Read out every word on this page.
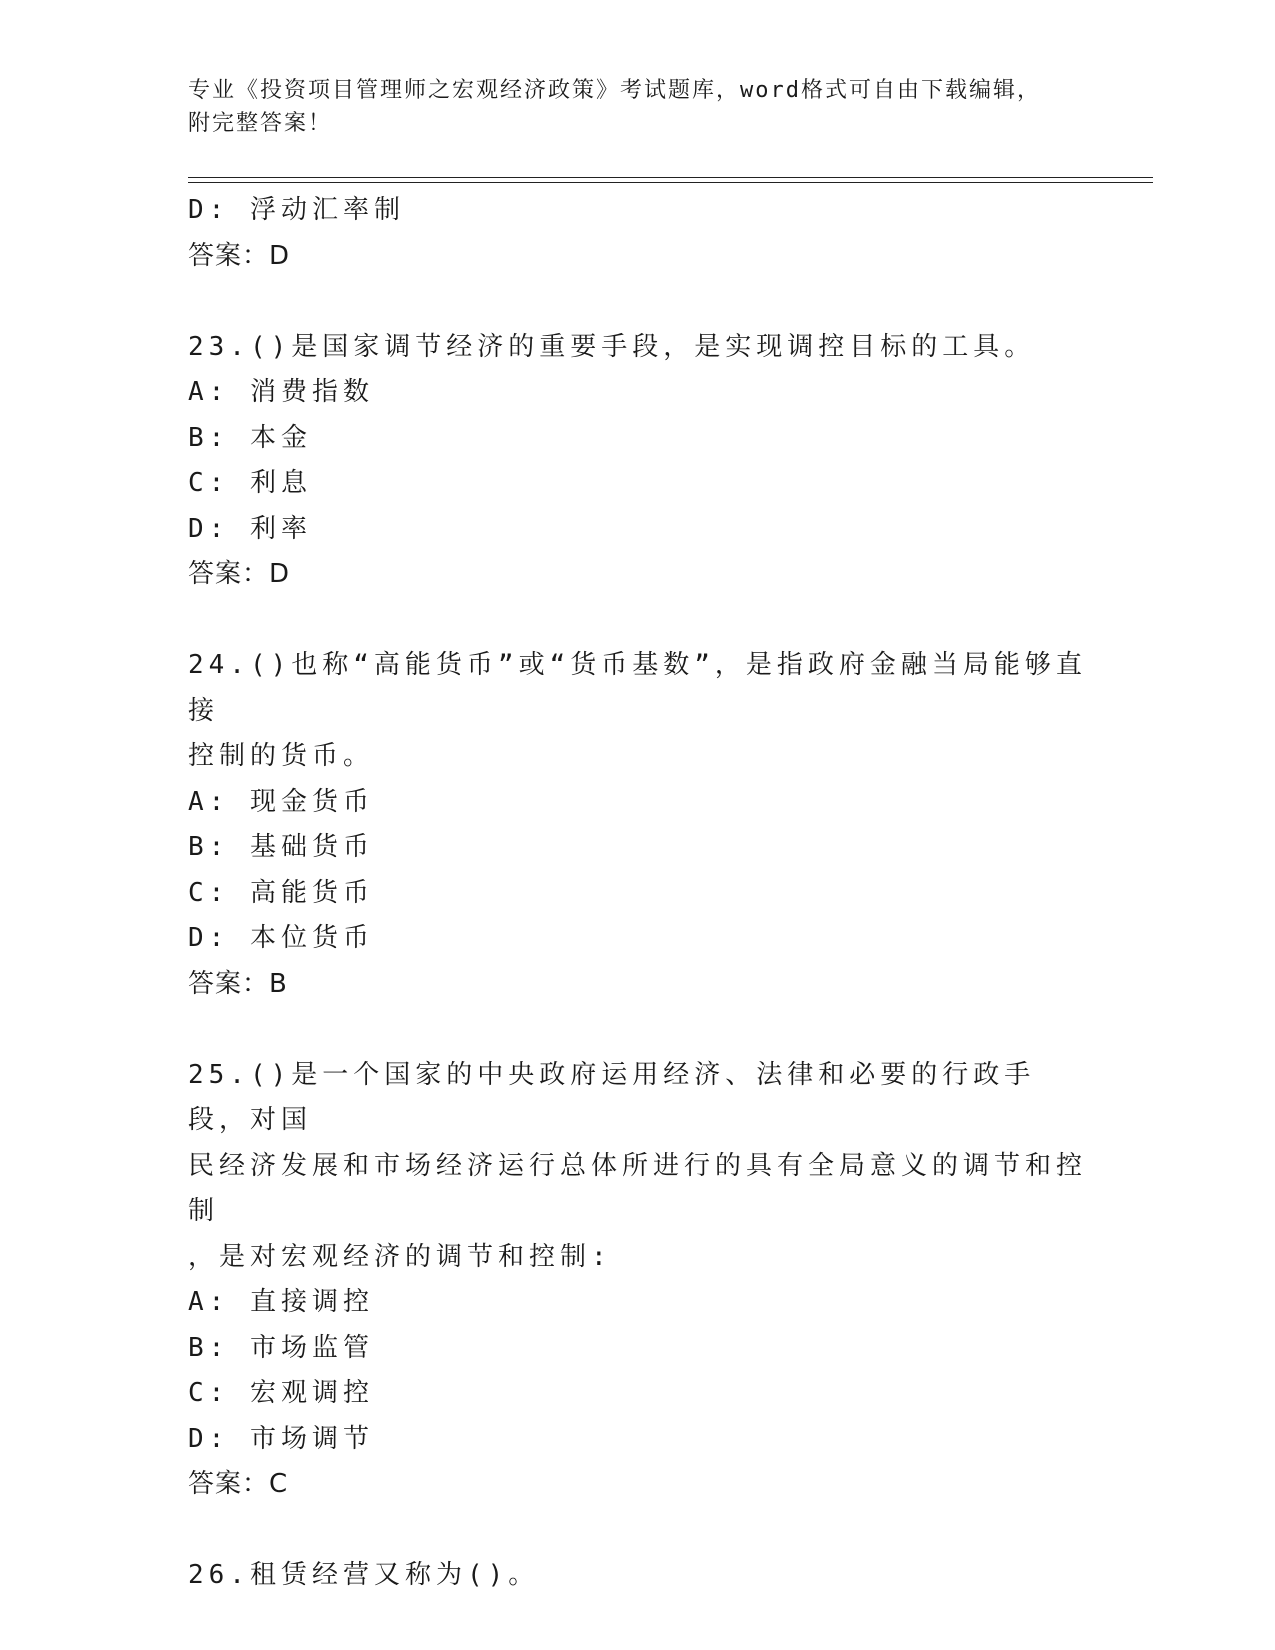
专业《投资项目管理师之宏观经济政策》考试题库，word格式可自由下载编辑，
附完整答案！
D: 浮动汇率制
答案：D
23.()是国家调节经济的重要手段，是实现调控目标的工具。
A: 消费指数
B: 本金
C: 利息
D: 利率
答案：D
24.()也称“高能货币”或“货币基数”，是指政府金融当局能够直接
控制的货币。
A: 现金货币
B: 基础货币
C: 高能货币
D: 本位货币
答案：B
25.()是一个国家的中央政府运用经济、法律和必要的行政手段，对国
民经济发展和市场经济运行总体所进行的具有全局意义的调节和控制
，是对宏观经济的调节和控制:
A: 直接调控
B: 市场监管
C: 宏观调控
D: 市场调节
答案：C
26.租赁经营又称为()。
